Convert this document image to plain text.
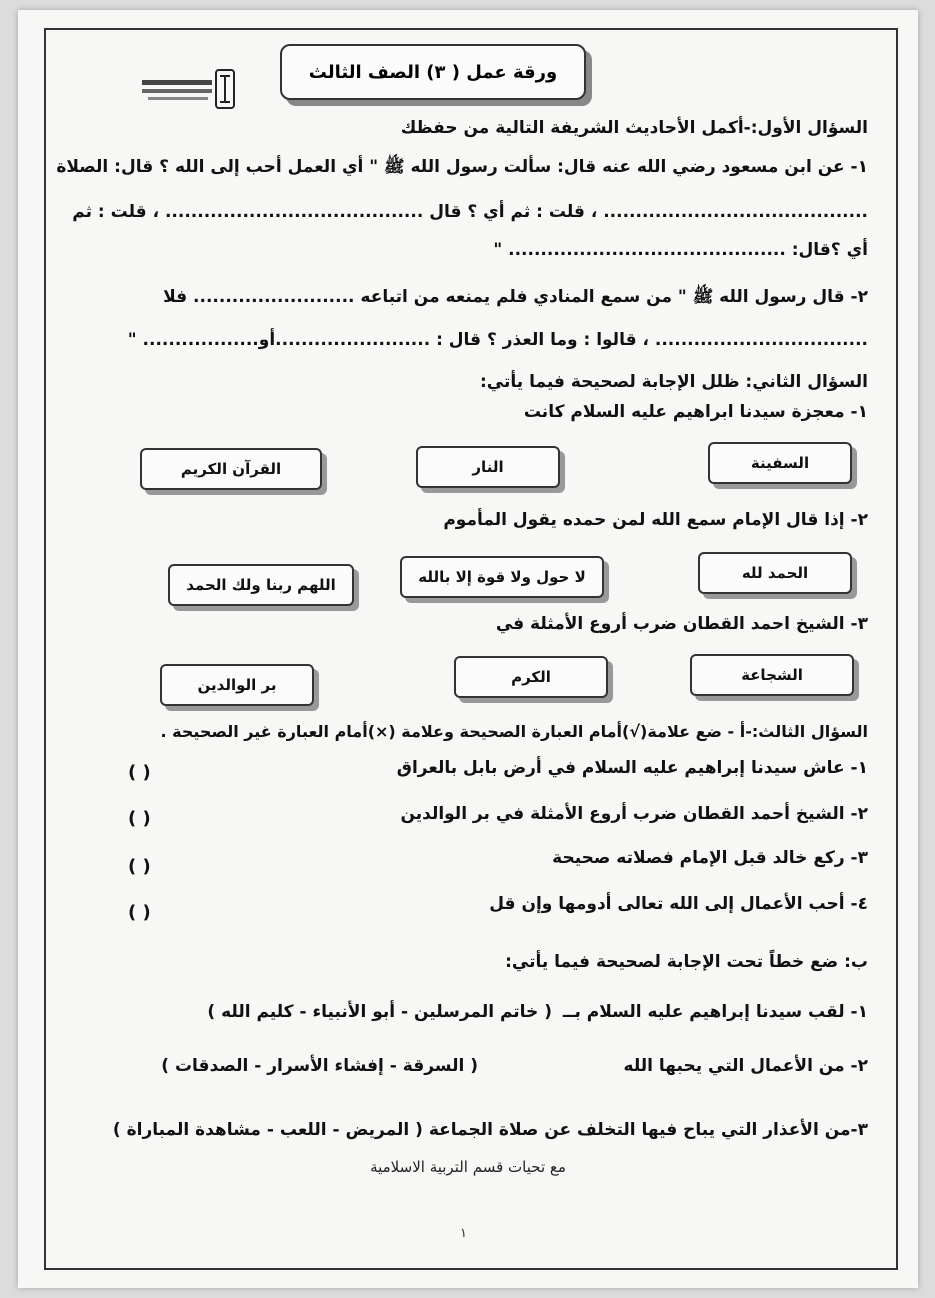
ورقة عمل ( ٣) الصف الثالث
السؤال الأول:-أكمل الأحاديث الشريفة التالية من حفظك
١- عن ابن مسعود رضي الله عنه قال: سألت رسول الله ﷺ " أي العمل أحب إلى الله ؟ قال: الصلاة
......................................... ، قلت : ثم أي ؟ قال ........................................ ، قلت : ثم
أي ؟قال: ........................................... "
٢- قال رسول الله ﷺ " من سمع المنادي فلم يمنعه من اتباعه ......................... فلا
................................. ، قالوا : وما العذر ؟ قال : ........................أو.................. "
السؤال الثاني: ظلل الإجابة لصحيحة فيما يأتي:
١- معجزة سيدنا ابراهيم عليه السلام كانت
السفينة
النار
القرآن الكريم
٢- إذا قال الإمام سمع الله لمن حمده يقول المأموم
الحمد لله
لا حول ولا قوة إلا بالله
اللهم ربنا ولك الحمد
٣- الشيخ احمد القطان ضرب أروع الأمثلة في
الشجاعة
الكرم
بر الوالدين
السؤال الثالث:-أ - ضع علامة(√)أمام العبارة الصحيحة وعلامة (×)أمام العبارة غير الصحيحة .
١- عاش سيدنا إبراهيم عليه السلام في أرض بابل بالعراق
( )
٢- الشيخ أحمد القطان ضرب أروع الأمثلة في بر الوالدين
( )
٣- ركع خالد قبل الإمام فصلاته صحيحة
( )
٤- أحب الأعمال إلى الله تعالى أدومها وإن قل
( )
ب: ضع خطاً تحت الإجابة لصحيحة فيما يأتي:
١- لقب سيدنا إبراهيم عليه السلام بــ
( خاتم المرسلين - أبو الأنبياء - كليم الله )
٢- من الأعمال التي يحبها الله
( السرقة - إفشاء الأسرار - الصدقات )
٣-من الأعذار التي يباح فيها التخلف عن صلاة الجماعة ( المريض - اللعب - مشاهدة المباراة )
مع تحيات قسم التربية الاسلامية
١
